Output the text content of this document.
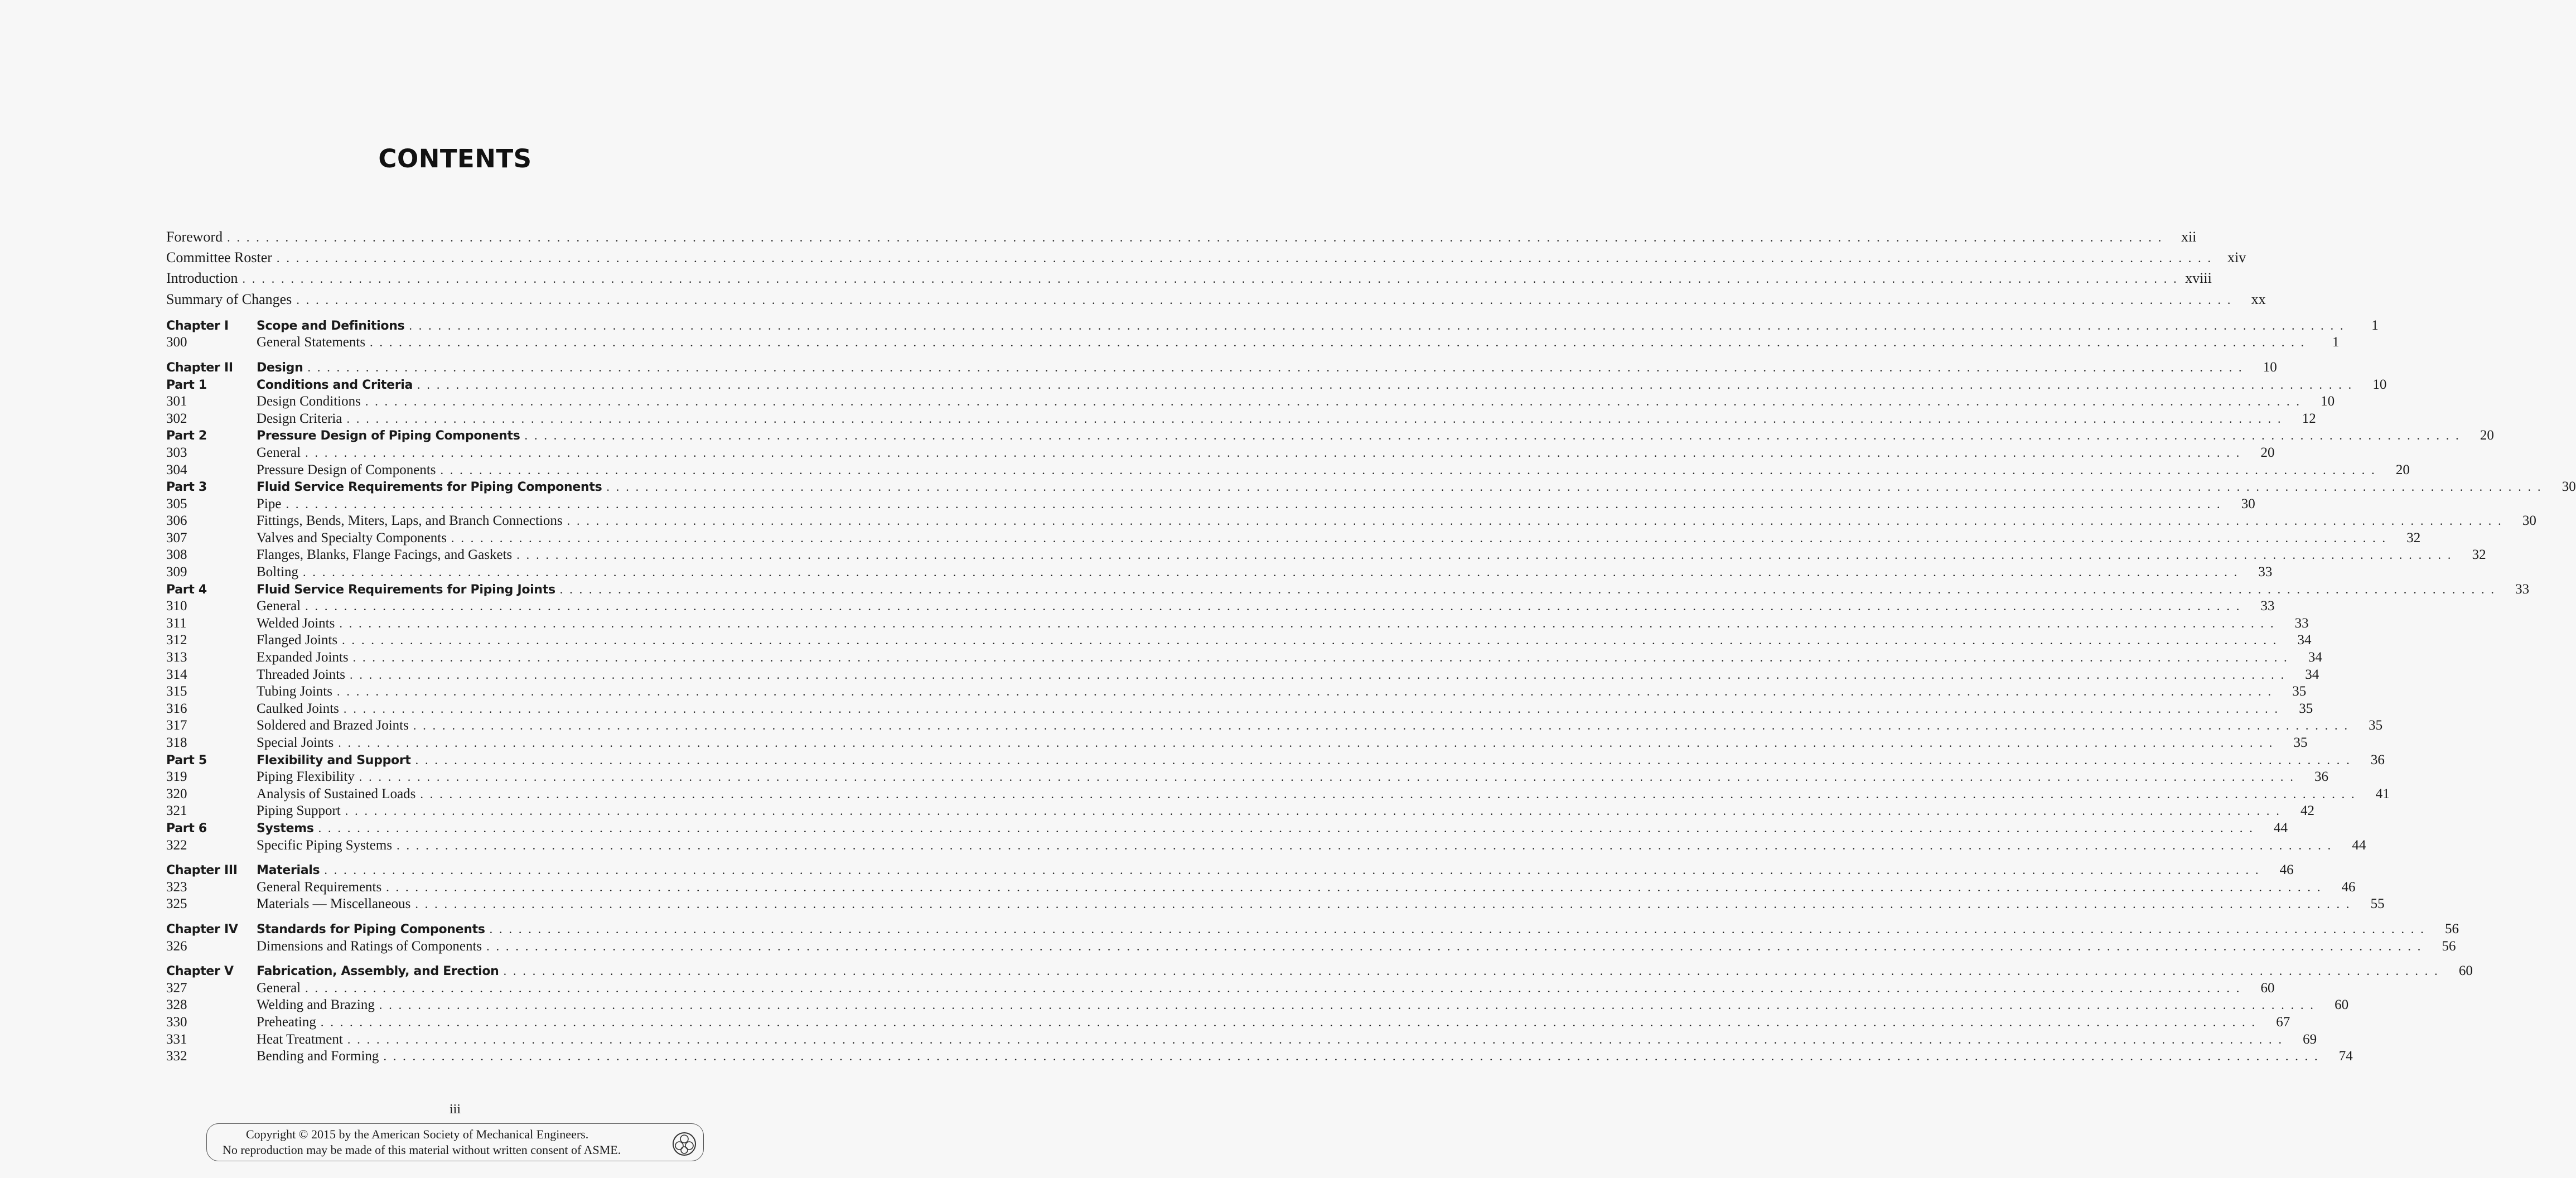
CONTENTS
Foreword . . . . . . . . . . . . . . . . . . . . . . . . . . . . . . . . . . . . . . . . . . . . . . . . . . . . . . . . . . . . . . . . . . . . . . . . . . . . . . . . . . . . . . . . . . . . . . . . . . . . . . . . . . . . . . . . . . . . . . . . . . . . . . . . . . . . . . . . . . . . . . . . . . . . . . . . . . . . . . . . . . . . . . . . . . . . . . . . . . . . . . . . . . . . . . . . . . . . . . . .	xii
Committee Roster . . . . . . . . . . . . . . . . . . . . . . . . . . . . . . . . . . . . . . . . . . . . . . . . . . . . . . . . . . . . . . . . . . . . . . . . . . . . . . . . . . . . . . . . . . . . . . . . . . . . . . . . . . . . . . . . . . . . . . . . . . . . . . . . . . . . . . . . . . . . . . . . . . . . . . . . . . . . . . . . . . . . . . . . . . . . . . . . . . . . . . . . . . . . . . . . . . . . . . . .	xiv
Introduction . . . . . . . . . . . . . . . . . . . . . . . . . . . . . . . . . . . . . . . . . . . . . . . . . . . . . . . . . . . . . . . . . . . . . . . . . . . . . . . . . . . . . . . . . . . . . . . . . . . . . . . . . . . . . . . . . . . . . . . . . . . . . . . . . . . . . . . . . . . . . . . . . . . . . . . . . . . . . . . . . . . . . . . . . . . . . . . . . . . . . . . . . . . . . . . . . . . . . . . . xviii
Summary of Changes . . . . . . . . . . . . . . . . . . . . . . . . . . . . . . . . . . . . . . . . . . . . . . . . . . . . . . . . . . . . . . . . . . . . . . . . . . . . . . . . . . . . . . . . . . . . . . . . . . . . . . . . . . . . . . . . . . . . . . . . . . . . . . . . . . . . . . . . . . . . . . . . . . . . . . . . . . . . . . . . . . . . . . . . . . . . . . . . . . . . . . . . . . . . . . . . . . . . . . . .	xx
Chapter I	Scope and Definitions . . . . . . . . . . . . . . . . . . . . . . . . . . . . . . . . . . . . . . . . . . . . . . . . . . . . . . . . . . . . . . . . . . . . . . . . . . . . . . . . . . . . . . . . . . . . . . . . . . . . . . . . . . . . . . . . . . . . . . . . . . . . . . . . . . . . . . . . . . . . . . . . . . . . . . . . . . . . . . . . . . . . . . . . . . . . . . . . . . . . . . . . . . . . . . . . . . . . . . . .	1
300	General Statements . . . . . . . . . . . . . . . . . . . . . . . . . . . . . . . . . . . . . . . . . . . . . . . . . . . . . . . . . . . . . . . . . . . . . . . . . . . . . . . . . . . . . . . . . . . . . . . . . . . . . . . . . . . . . . . . . . . . . . . . . . . . . . . . . . . . . . . . . . . . . . . . . . . . . . . . . . . . . . . . . . . . . . . . . . . . . . . . . . . . . . . . . . . . . . . . . . . . . . . .	1
Chapter II	Design . . . . . . . . . . . . . . . . . . . . . . . . . . . . . . . . . . . . . . . . . . . . . . . . . . . . . . . . . . . . . . . . . . . . . . . . . . . . . . . . . . . . . . . . . . . . . . . . . . . . . . . . . . . . . . . . . . . . . . . . . . . . . . . . . . . . . . . . . . . . . . . . . . . . . . . . . . . . . . . . . . . . . . . . . . . . . . . . . . . . . . . . . . . . . . . . . . . . . . . .	10
Part 1	Conditions and Criteria . . . . . . . . . . . . . . . . . . . . . . . . . . . . . . . . . . . . . . . . . . . . . . . . . . . . . . . . . . . . . . . . . . . . . . . . . . . . . . . . . . . . . . . . . . . . . . . . . . . . . . . . . . . . . . . . . . . . . . . . . . . . . . . . . . . . . . . . . . . . . . . . . . . . . . . . . . . . . . . . . . . . . . . . . . . . . . . . . . . . . . . . . . . . . . . . . . . . . . . .	10
301	Design Conditions . . . . . . . . . . . . . . . . . . . . . . . . . . . . . . . . . . . . . . . . . . . . . . . . . . . . . . . . . . . . . . . . . . . . . . . . . . . . . . . . . . . . . . . . . . . . . . . . . . . . . . . . . . . . . . . . . . . . . . . . . . . . . . . . . . . . . . . . . . . . . . . . . . . . . . . . . . . . . . . . . . . . . . . . . . . . . . . . . . . . . . . . . . . . . . . . . . . . . . . .	10
302	Design Criteria . . . . . . . . . . . . . . . . . . . . . . . . . . . . . . . . . . . . . . . . . . . . . . . . . . . . . . . . . . . . . . . . . . . . . . . . . . . . . . . . . . . . . . . . . . . . . . . . . . . . . . . . . . . . . . . . . . . . . . . . . . . . . . . . . . . . . . . . . . . . . . . . . . . . . . . . . . . . . . . . . . . . . . . . . . . . . . . . . . . . . . . . . . . . . . . . . . . . . . . .	12
Part 2	Pressure Design of Piping Components . . . . . . . . . . . . . . . . . . . . . . . . . . . . . . . . . . . . . . . . . . . . . . . . . . . . . . . . . . . . . . . . . . . . . . . . . . . . . . . . . . . . . . . . . . . . . . . . . . . . . . . . . . . . . . . . . . . . . . . . . . . . . . . . . . . . . . . . . . . . . . . . . . . . . . . . . . . . . . . . . . . . . . . . . . . . . . . . . . . . . . . . . . . . . . . . . . . . . . . .	20
303	General . . . . . . . . . . . . . . . . . . . . . . . . . . . . . . . . . . . . . . . . . . . . . . . . . . . . . . . . . . . . . . . . . . . . . . . . . . . . . . . . . . . . . . . . . . . . . . . . . . . . . . . . . . . . . . . . . . . . . . . . . . . . . . . . . . . . . . . . . . . . . . . . . . . . . . . . . . . . . . . . . . . . . . . . . . . . . . . . . . . . . . . . . . . . . . . . . . . . . . . .	20
304	Pressure Design of Components . . . . . . . . . . . . . . . . . . . . . . . . . . . . . . . . . . . . . . . . . . . . . . . . . . . . . . . . . . . . . . . . . . . . . . . . . . . . . . . . . . . . . . . . . . . . . . . . . . . . . . . . . . . . . . . . . . . . . . . . . . . . . . . . . . . . . . . . . . . . . . . . . . . . . . . . . . . . . . . . . . . . . . . . . . . . . . . . . . . . . . . . . . . . . . . . . . . . . . . .	20
Part 3	Fluid Service Requirements for Piping Components . . . . . . . . . . . . . . . . . . . . . . . . . . . . . . . . . . . . . . . . . . . . . . . . . . . . . . . . . . . . . . . . . . . . . . . . . . . . . . . . . . . . . . . . . . . . . . . . . . . . . . . . . . . . . . . . . . . . . . . . . . . . . . . . . . . . . . . . . . . . . . . . . . . . . . . . . . . . . . . . . . . . . . . . . . . . . . . . . . . . . . . . . . . . . . . . . . . . . . . .	30
305	Pipe . . . . . . . . . . . . . . . . . . . . . . . . . . . . . . . . . . . . . . . . . . . . . . . . . . . . . . . . . . . . . . . . . . . . . . . . . . . . . . . . . . . . . . . . . . . . . . . . . . . . . . . . . . . . . . . . . . . . . . . . . . . . . . . . . . . . . . . . . . . . . . . . . . . . . . . . . . . . . . . . . . . . . . . . . . . . . . . . . . . . . . . . . . . . . . . . . . . . . . . .	30
306	Fittings, Bends, Miters, Laps, and Branch Connections . . . . . . . . . . . . . . . . . . . . . . . . . . . . . . . . . . . . . . . . . . . . . . . . . . . . . . . . . . . . . . . . . . . . . . . . . . . . . . . . . . . . . . . . . . . . . . . . . . . . . . . . . . . . . . . . . . . . . . . . . . . . . . . . . . . . . . . . . . . . . . . . . . . . . . . . . . . . . . . . . . . . . . . . . . . . . . . . . . . . . . . . . . . . . . . . . . . . . . . .	30
307	Valves and Specialty Components . . . . . . . . . . . . . . . . . . . . . . . . . . . . . . . . . . . . . . . . . . . . . . . . . . . . . . . . . . . . . . . . . . . . . . . . . . . . . . . . . . . . . . . . . . . . . . . . . . . . . . . . . . . . . . . . . . . . . . . . . . . . . . . . . . . . . . . . . . . . . . . . . . . . . . . . . . . . . . . . . . . . . . . . . . . . . . . . . . . . . . . . . . . . . . . . . . . . . . . .	32
308	Flanges, Blanks, Flange Facings, and Gaskets . . . . . . . . . . . . . . . . . . . . . . . . . . . . . . . . . . . . . . . . . . . . . . . . . . . . . . . . . . . . . . . . . . . . . . . . . . . . . . . . . . . . . . . . . . . . . . . . . . . . . . . . . . . . . . . . . . . . . . . . . . . . . . . . . . . . . . . . . . . . . . . . . . . . . . . . . . . . . . . . . . . . . . . . . . . . . . . . . . . . . . . . . . . . . . . . . . . . . . . .	32
309	Bolting . . . . . . . . . . . . . . . . . . . . . . . . . . . . . . . . . . . . . . . . . . . . . . . . . . . . . . . . . . . . . . . . . . . . . . . . . . . . . . . . . . . . . . . . . . . . . . . . . . . . . . . . . . . . . . . . . . . . . . . . . . . . . . . . . . . . . . . . . . . . . . . . . . . . . . . . . . . . . . . . . . . . . . . . . . . . . . . . . . . . . . . . . . . . . . . . . . . . . . . .	33
Part 4	Fluid Service Requirements for Piping Joints . . . . . . . . . . . . . . . . . . . . . . . . . . . . . . . . . . . . . . . . . . . . . . . . . . . . . . . . . . . . . . . . . . . . . . . . . . . . . . . . . . . . . . . . . . . . . . . . . . . . . . . . . . . . . . . . . . . . . . . . . . . . . . . . . . . . . . . . . . . . . . . . . . . . . . . . . . . . . . . . . . . . . . . . . . . . . . . . . . . . . . . . . . . . . . . . . . . . . . . .	33
310	General . . . . . . . . . . . . . . . . . . . . . . . . . . . . . . . . . . . . . . . . . . . . . . . . . . . . . . . . . . . . . . . . . . . . . . . . . . . . . . . . . . . . . . . . . . . . . . . . . . . . . . . . . . . . . . . . . . . . . . . . . . . . . . . . . . . . . . . . . . . . . . . . . . . . . . . . . . . . . . . . . . . . . . . . . . . . . . . . . . . . . . . . . . . . . . . . . . . . . . . .	33
311	Welded Joints . . . . . . . . . . . . . . . . . . . . . . . . . . . . . . . . . . . . . . . . . . . . . . . . . . . . . . . . . . . . . . . . . . . . . . . . . . . . . . . . . . . . . . . . . . . . . . . . . . . . . . . . . . . . . . . . . . . . . . . . . . . . . . . . . . . . . . . . . . . . . . . . . . . . . . . . . . . . . . . . . . . . . . . . . . . . . . . . . . . . . . . . . . . . . . . . . . . . . . . .	33
312	Flanged Joints . . . . . . . . . . . . . . . . . . . . . . . . . . . . . . . . . . . . . . . . . . . . . . . . . . . . . . . . . . . . . . . . . . . . . . . . . . . . . . . . . . . . . . . . . . . . . . . . . . . . . . . . . . . . . . . . . . . . . . . . . . . . . . . . . . . . . . . . . . . . . . . . . . . . . . . . . . . . . . . . . . . . . . . . . . . . . . . . . . . . . . . . . . . . . . . . . . . . . . . .	34
313	Expanded Joints . . . . . . . . . . . . . . . . . . . . . . . . . . . . . . . . . . . . . . . . . . . . . . . . . . . . . . . . . . . . . . . . . . . . . . . . . . . . . . . . . . . . . . . . . . . . . . . . . . . . . . . . . . . . . . . . . . . . . . . . . . . . . . . . . . . . . . . . . . . . . . . . . . . . . . . . . . . . . . . . . . . . . . . . . . . . . . . . . . . . . . . . . . . . . . . . . . . . . . . .	34
314	Threaded Joints . . . . . . . . . . . . . . . . . . . . . . . . . . . . . . . . . . . . . . . . . . . . . . . . . . . . . . . . . . . . . . . . . . . . . . . . . . . . . . . . . . . . . . . . . . . . . . . . . . . . . . . . . . . . . . . . . . . . . . . . . . . . . . . . . . . . . . . . . . . . . . . . . . . . . . . . . . . . . . . . . . . . . . . . . . . . . . . . . . . . . . . . . . . . . . . . . . . . . . . .	34
315	Tubing Joints . . . . . . . . . . . . . . . . . . . . . . . . . . . . . . . . . . . . . . . . . . . . . . . . . . . . . . . . . . . . . . . . . . . . . . . . . . . . . . . . . . . . . . . . . . . . . . . . . . . . . . . . . . . . . . . . . . . . . . . . . . . . . . . . . . . . . . . . . . . . . . . . . . . . . . . . . . . . . . . . . . . . . . . . . . . . . . . . . . . . . . . . . . . . . . . . . . . . . . . .	35
316	Caulked Joints . . . . . . . . . . . . . . . . . . . . . . . . . . . . . . . . . . . . . . . . . . . . . . . . . . . . . . . . . . . . . . . . . . . . . . . . . . . . . . . . . . . . . . . . . . . . . . . . . . . . . . . . . . . . . . . . . . . . . . . . . . . . . . . . . . . . . . . . . . . . . . . . . . . . . . . . . . . . . . . . . . . . . . . . . . . . . . . . . . . . . . . . . . . . . . . . . . . . . . . .	35
317	Soldered and Brazed Joints . . . . . . . . . . . . . . . . . . . . . . . . . . . . . . . . . . . . . . . . . . . . . . . . . . . . . . . . . . . . . . . . . . . . . . . . . . . . . . . . . . . . . . . . . . . . . . . . . . . . . . . . . . . . . . . . . . . . . . . . . . . . . . . . . . . . . . . . . . . . . . . . . . . . . . . . . . . . . . . . . . . . . . . . . . . . . . . . . . . . . . . . . . . . . . . . . . . . . . . .	35
318	Special Joints . . . . . . . . . . . . . . . . . . . . . . . . . . . . . . . . . . . . . . . . . . . . . . . . . . . . . . . . . . . . . . . . . . . . . . . . . . . . . . . . . . . . . . . . . . . . . . . . . . . . . . . . . . . . . . . . . . . . . . . . . . . . . . . . . . . . . . . . . . . . . . . . . . . . . . . . . . . . . . . . . . . . . . . . . . . . . . . . . . . . . . . . . . . . . . . . . . . . . . . .	35
Part 5	Flexibility and Support . . . . . . . . . . . . . . . . . . . . . . . . . . . . . . . . . . . . . . . . . . . . . . . . . . . . . . . . . . . . . . . . . . . . . . . . . . . . . . . . . . . . . . . . . . . . . . . . . . . . . . . . . . . . . . . . . . . . . . . . . . . . . . . . . . . . . . . . . . . . . . . . . . . . . . . . . . . . . . . . . . . . . . . . . . . . . . . . . . . . . . . . . . . . . . . . . . . . . . . .	36
319	Piping Flexibility . . . . . . . . . . . . . . . . . . . . . . . . . . . . . . . . . . . . . . . . . . . . . . . . . . . . . . . . . . . . . . . . . . . . . . . . . . . . . . . . . . . . . . . . . . . . . . . . . . . . . . . . . . . . . . . . . . . . . . . . . . . . . . . . . . . . . . . . . . . . . . . . . . . . . . . . . . . . . . . . . . . . . . . . . . . . . . . . . . . . . . . . . . . . . . . . . . . . . . . .	36
320	Analysis of Sustained Loads . . . . . . . . . . . . . . . . . . . . . . . . . . . . . . . . . . . . . . . . . . . . . . . . . . . . . . . . . . . . . . . . . . . . . . . . . . . . . . . . . . . . . . . . . . . . . . . . . . . . . . . . . . . . . . . . . . . . . . . . . . . . . . . . . . . . . . . . . . . . . . . . . . . . . . . . . . . . . . . . . . . . . . . . . . . . . . . . . . . . . . . . . . . . . . . . . . . . . . . .	41
321	Piping Support . . . . . . . . . . . . . . . . . . . . . . . . . . . . . . . . . . . . . . . . . . . . . . . . . . . . . . . . . . . . . . . . . . . . . . . . . . . . . . . . . . . . . . . . . . . . . . . . . . . . . . . . . . . . . . . . . . . . . . . . . . . . . . . . . . . . . . . . . . . . . . . . . . . . . . . . . . . . . . . . . . . . . . . . . . . . . . . . . . . . . . . . . . . . . . . . . . . . . . . .	42
Part 6	Systems . . . . . . . . . . . . . . . . . . . . . . . . . . . . . . . . . . . . . . . . . . . . . . . . . . . . . . . . . . . . . . . . . . . . . . . . . . . . . . . . . . . . . . . . . . . . . . . . . . . . . . . . . . . . . . . . . . . . . . . . . . . . . . . . . . . . . . . . . . . . . . . . . . . . . . . . . . . . . . . . . . . . . . . . . . . . . . . . . . . . . . . . . . . . . . . . . . . . . . . .	44
322	Specific Piping Systems . . . . . . . . . . . . . . . . . . . . . . . . . . . . . . . . . . . . . . . . . . . . . . . . . . . . . . . . . . . . . . . . . . . . . . . . . . . . . . . . . . . . . . . . . . . . . . . . . . . . . . . . . . . . . . . . . . . . . . . . . . . . . . . . . . . . . . . . . . . . . . . . . . . . . . . . . . . . . . . . . . . . . . . . . . . . . . . . . . . . . . . . . . . . . . . . . . . . . . . .	44
Chapter III	Materials . . . . . . . . . . . . . . . . . . . . . . . . . . . . . . . . . . . . . . . . . . . . . . . . . . . . . . . . . . . . . . . . . . . . . . . . . . . . . . . . . . . . . . . . . . . . . . . . . . . . . . . . . . . . . . . . . . . . . . . . . . . . . . . . . . . . . . . . . . . . . . . . . . . . . . . . . . . . . . . . . . . . . . . . . . . . . . . . . . . . . . . . . . . . . . . . . . . . . . . .	46
323	General Requirements . . . . . . . . . . . . . . . . . . . . . . . . . . . . . . . . . . . . . . . . . . . . . . . . . . . . . . . . . . . . . . . . . . . . . . . . . . . . . . . . . . . . . . . . . . . . . . . . . . . . . . . . . . . . . . . . . . . . . . . . . . . . . . . . . . . . . . . . . . . . . . . . . . . . . . . . . . . . . . . . . . . . . . . . . . . . . . . . . . . . . . . . . . . . . . . . . . . . . . . .	46
325	Materials — Miscellaneous . . . . . . . . . . . . . . . . . . . . . . . . . . . . . . . . . . . . . . . . . . . . . . . . . . . . . . . . . . . . . . . . . . . . . . . . . . . . . . . . . . . . . . . . . . . . . . . . . . . . . . . . . . . . . . . . . . . . . . . . . . . . . . . . . . . . . . . . . . . . . . . . . . . . . . . . . . . . . . . . . . . . . . . . . . . . . . . . . . . . . . . . . . . . . . . . . . . . . . . .	55
Chapter IV	Standards for Piping Components . . . . . . . . . . . . . . . . . . . . . . . . . . . . . . . . . . . . . . . . . . . . . . . . . . . . . . . . . . . . . . . . . . . . . . . . . . . . . . . . . . . . . . . . . . . . . . . . . . . . . . . . . . . . . . . . . . . . . . . . . . . . . . . . . . . . . . . . . . . . . . . . . . . . . . . . . . . . . . . . . . . . . . . . . . . . . . . . . . . . . . . . . . . . . . . . . . . . . . . .	56
326	Dimensions and Ratings of Components . . . . . . . . . . . . . . . . . . . . . . . . . . . . . . . . . . . . . . . . . . . . . . . . . . . . . . . . . . . . . . . . . . . . . . . . . . . . . . . . . . . . . . . . . . . . . . . . . . . . . . . . . . . . . . . . . . . . . . . . . . . . . . . . . . . . . . . . . . . . . . . . . . . . . . . . . . . . . . . . . . . . . . . . . . . . . . . . . . . . . . . . . . . . . . . . . . . . . . . .	56
Chapter V	Fabrication, Assembly, and Erection . . . . . . . . . . . . . . . . . . . . . . . . . . . . . . . . . . . . . . . . . . . . . . . . . . . . . . . . . . . . . . . . . . . . . . . . . . . . . . . . . . . . . . . . . . . . . . . . . . . . . . . . . . . . . . . . . . . . . . . . . . . . . . . . . . . . . . . . . . . . . . . . . . . . . . . . . . . . . . . . . . . . . . . . . . . . . . . . . . . . . . . . . . . . . . . . . . . . . . . .	60
327	General . . . . . . . . . . . . . . . . . . . . . . . . . . . . . . . . . . . . . . . . . . . . . . . . . . . . . . . . . . . . . . . . . . . . . . . . . . . . . . . . . . . . . . . . . . . . . . . . . . . . . . . . . . . . . . . . . . . . . . . . . . . . . . . . . . . . . . . . . . . . . . . . . . . . . . . . . . . . . . . . . . . . . . . . . . . . . . . . . . . . . . . . . . . . . . . . . . . . . . . .	60
328	Welding and Brazing . . . . . . . . . . . . . . . . . . . . . . . . . . . . . . . . . . . . . . . . . . . . . . . . . . . . . . . . . . . . . . . . . . . . . . . . . . . . . . . . . . . . . . . . . . . . . . . . . . . . . . . . . . . . . . . . . . . . . . . . . . . . . . . . . . . . . . . . . . . . . . . . . . . . . . . . . . . . . . . . . . . . . . . . . . . . . . . . . . . . . . . . . . . . . . . . . . . . . . . .	60
330	Preheating . . . . . . . . . . . . . . . . . . . . . . . . . . . . . . . . . . . . . . . . . . . . . . . . . . . . . . . . . . . . . . . . . . . . . . . . . . . . . . . . . . . . . . . . . . . . . . . . . . . . . . . . . . . . . . . . . . . . . . . . . . . . . . . . . . . . . . . . . . . . . . . . . . . . . . . . . . . . . . . . . . . . . . . . . . . . . . . . . . . . . . . . . . . . . . . . . . . . . . . .	67
331	Heat Treatment . . . . . . . . . . . . . . . . . . . . . . . . . . . . . . . . . . . . . . . . . . . . . . . . . . . . . . . . . . . . . . . . . . . . . . . . . . . . . . . . . . . . . . . . . . . . . . . . . . . . . . . . . . . . . . . . . . . . . . . . . . . . . . . . . . . . . . . . . . . . . . . . . . . . . . . . . . . . . . . . . . . . . . . . . . . . . . . . . . . . . . . . . . . . . . . . . . . . . . . .	69
332	Bending and Forming . . . . . . . . . . . . . . . . . . . . . . . . . . . . . . . . . . . . . . . . . . . . . . . . . . . . . . . . . . . . . . . . . . . . . . . . . . . . . . . . . . . . . . . . . . . . . . . . . . . . . . . . . . . . . . . . . . . . . . . . . . . . . . . . . . . . . . . . . . . . . . . . . . . . . . . . . . . . . . . . . . . . . . . . . . . . . . . . . . . . . . . . . . . . . . . . . . . . . . . .	74
iii
Copyright © 2015 by the American Society of Mechanical Engineers.
No reproduction may be made of this material without written consent of ASME.
